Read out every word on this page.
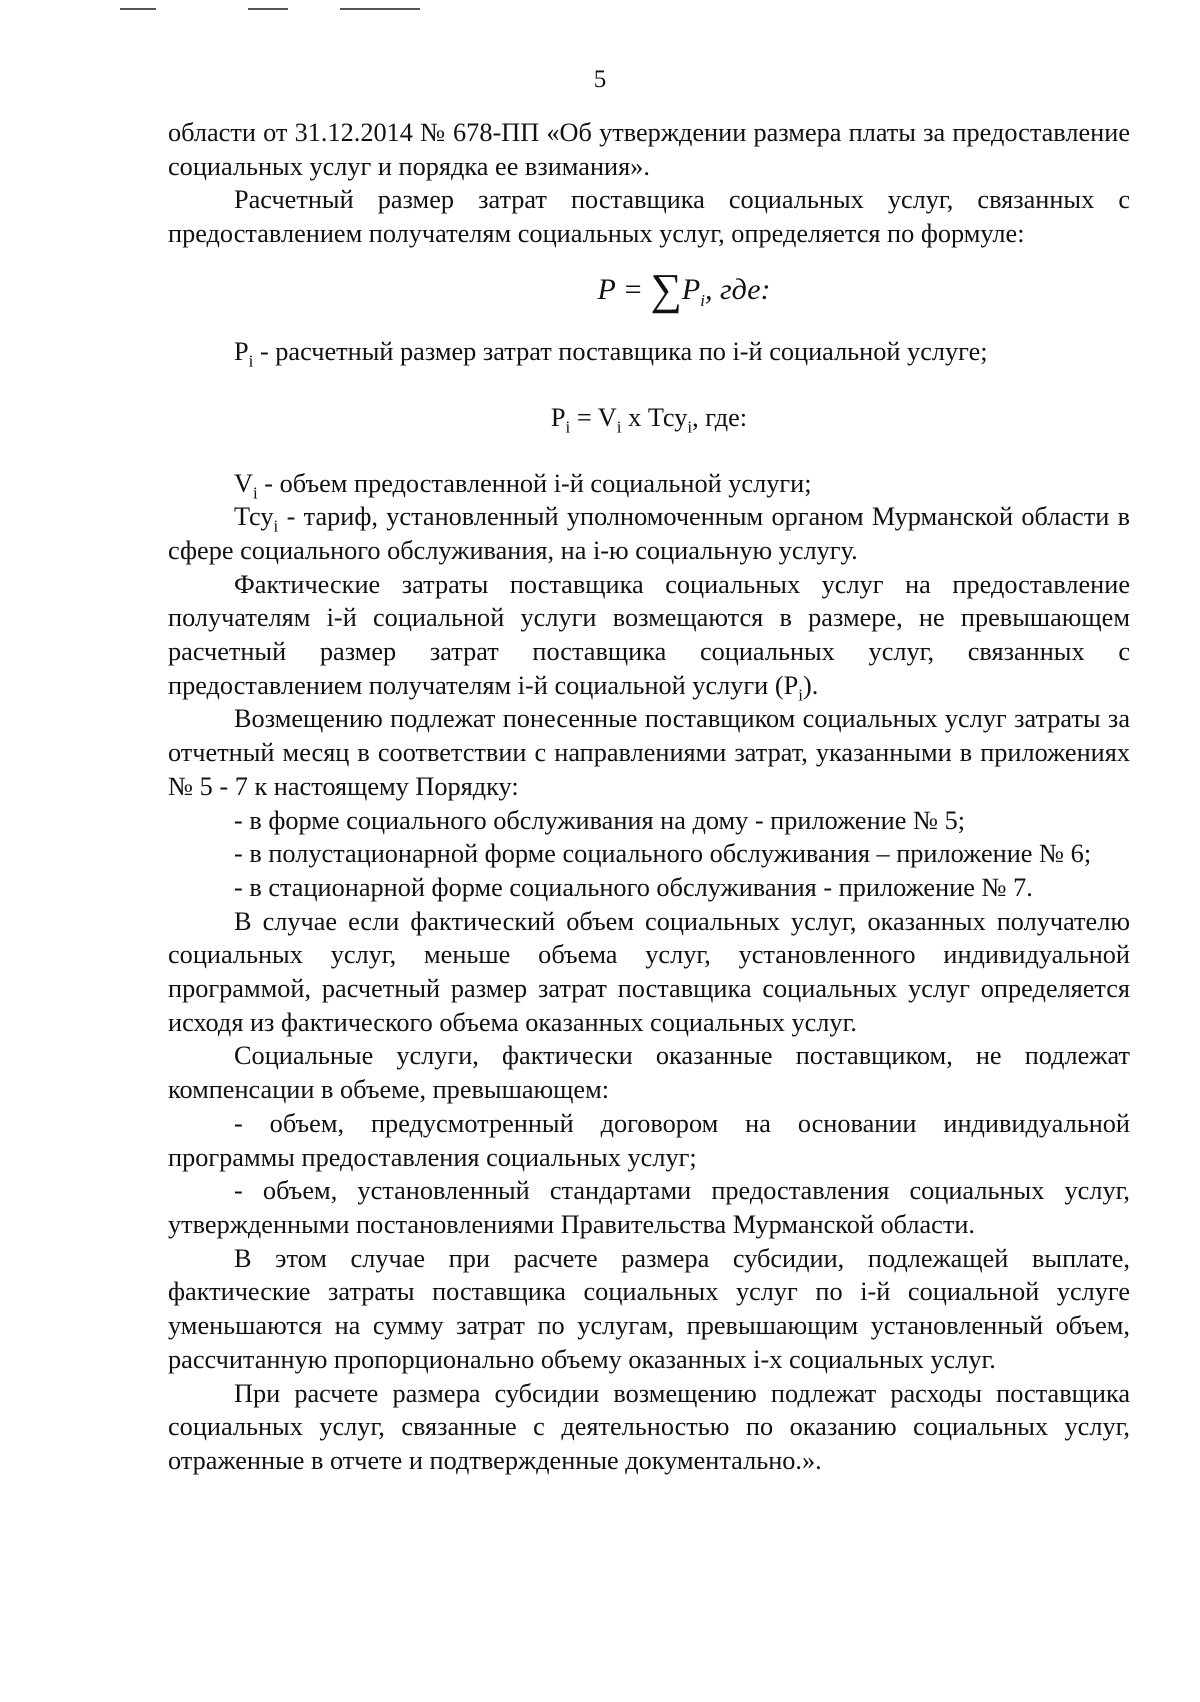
5

области от 31.12.2014 № 678-ПП «Об утверждении размера платы за предоставление социальных услуг и порядка ее взимания».

Расчетный размер затрат поставщика социальных услуг, связанных с предоставлением получателям социальных услуг, определяется по формуле:

$P = \sum P_i$, где:

$P_i$ - расчетный размер затрат поставщика по i-й социальной услуге;

$P_i = V_i$ x Тсу$_i$, где:

$V_i$ - объем предоставленной i-й социальной услуги;

Тсу$_i$ - тариф, установленный уполномоченным органом Мурманской области в сфере социального обслуживания, на i-ю социальную услугу.

Фактические затраты поставщика социальных услуг на предоставление получателям i-й социальной услуги возмещаются в размере, не превышающем расчетный размер затрат поставщика социальных услуг, связанных с предоставлением получателям i-й социальной услуги $(P_i)$.

Возмещению подлежат понесенные поставщиком социальных услуг затраты за отчетный месяц в соответствии с направлениями затрат, указанными в приложениях № 5 - 7 к настоящему Порядку:

- в форме социального обслуживания на дому - приложение № 5;

- в полустационарной форме социального обслуживания – приложение № 6;

- в стационарной форме социального обслуживания - приложение № 7.

В случае если фактический объем социальных услуг, оказанных получателю социальных услуг, меньше объема услуг, установленного индивидуальной программой, расчетный размер затрат поставщика социальных услуг определяется исходя из фактического объема оказанных социальных услуг.

Социальные услуги, фактически оказанные поставщиком, не подлежат компенсации в объеме, превышающем:

- объем, предусмотренный договором на основании индивидуальной программы предоставления социальных услуг;

- объем, установленный стандартами предоставления социальных услуг, утвержденными постановлениями Правительства Мурманской области.

В этом случае при расчете размера субсидии, подлежащей выплате, фактические затраты поставщика социальных услуг по i-й социальной услуге уменьшаются на сумму затрат по услугам, превышающим установленный объем, рассчитанную пропорционально объему оказанных i-х социальных услуг.

При расчете размера субсидии возмещению подлежат расходы поставщика социальных услуг, связанные с деятельностью по оказанию социальных услуг, отраженные в отчете и подтвержденные документально.».
